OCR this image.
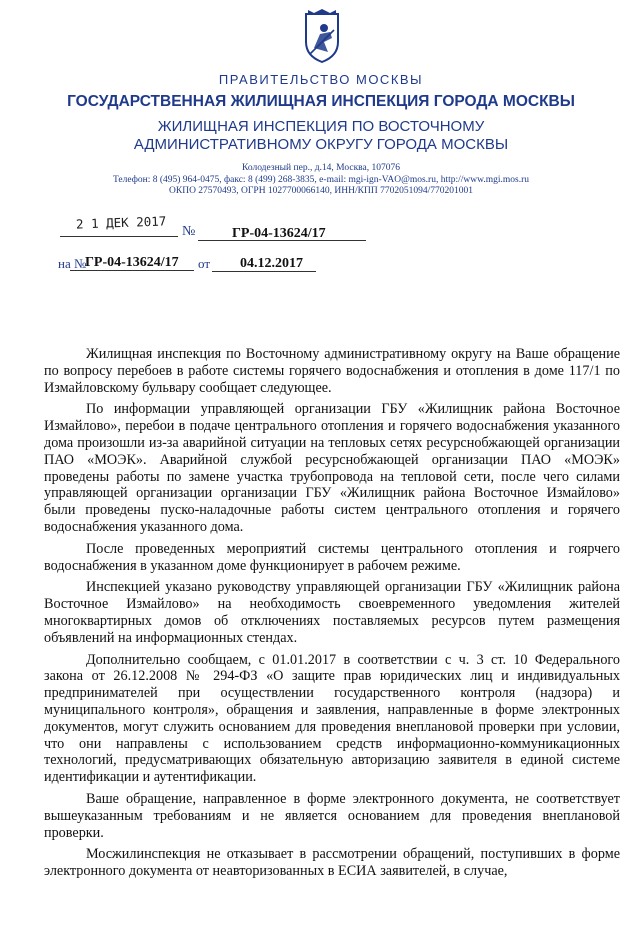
ПРАВИТЕЛЬСТВО МОСКВЫ
ГОСУДАРСТВЕННАЯ ЖИЛИЩНАЯ ИНСПЕКЦИЯ ГОРОДА МОСКВЫ
ЖИЛИЩНАЯ ИНСПЕКЦИЯ ПО ВОСТОЧНОМУ
АДМИНИСТРАТИВНОМУ ОКРУГУ ГОРОДА МОСКВЫ
Колодезный пер., д.14, Москва, 107076
Телефон: 8 (495) 964-0475, факс: 8 (499) 268-3835, e-mail: mgi-ign-VAO@mos.ru, http://www.mgi.mos.ru
ОКПО 27570493, ОГРН 1027700066140, ИНН/КПП 7702051094/770201001
2 1 ДЕК 2017 №	ГР-04-13624/17
на №
ГР-04-13624/17 от 04.12.2017

Жилищная инспекция по Восточному административному округу на Ваше обращение по вопросу перебоев в работе системы горячего водоснабжения и отопления в доме 117/1 по Измайловскому бульвару сообщает следующее.

По информации управляющей организации ГБУ «Жилищник района Восточное Измайлово», перебои в подаче центрального отопления и горячего водоснабжения указанного дома произошли из-за аварийной ситуации на тепловых сетях ресурснобжающей организации ПАО «МОЭК». Аварийной службой ресурснобжающей организации ПАО «МОЭК» проведены работы по замене участка трубопровода на тепловой сети, после чего силами управляющей организации организации ГБУ «Жилищник района Восточное Измайлово» были проведены пуско-наладочные работы систем центрального отопления и горячего водоснабжения указанного дома.

После проведенных мероприятий системы центрального отопления и гоярчего водоснабжения в указанном доме функционирует в рабочем режиме.

Инспекцией указано руководству управляющей организации ГБУ «Жилищник района Восточное Измайлово» на необходимость своевременного уведомления жителей многоквартирных домов об отключениях поставляемых ресурсов путем размещения объявлений на информационных стендах.

Дополнительно сообщаем, с 01.01.2017 в соответствии с ч. 3 ст. 10 Федерального закона от 26.12.2008 № 294-ФЗ «О защите прав юридических лиц и индивидуальных предпринимателей при осуществлении государственного контроля (надзора) и муниципального контроля», обращения и заявления, направленные в форме электронных документов, могут служить основанием для проведения внеплановой проверки при условии, что они направлены с использованием средств информационно-коммуникационных технологий, предусматривающих обязательную авторизацию заявителя в единой системе идентификации и аутентификации.

Ваше обращение, направленное в форме электронного документа, не соответствует вышеуказанным требованиям и не является основанием для проведения внеплановой проверки.

Мосжилинспекция не отказывает в рассмотрении обращений, поступивших в форме электронного документа от неавторизованных в ЕСИА заявителей, в случае,
